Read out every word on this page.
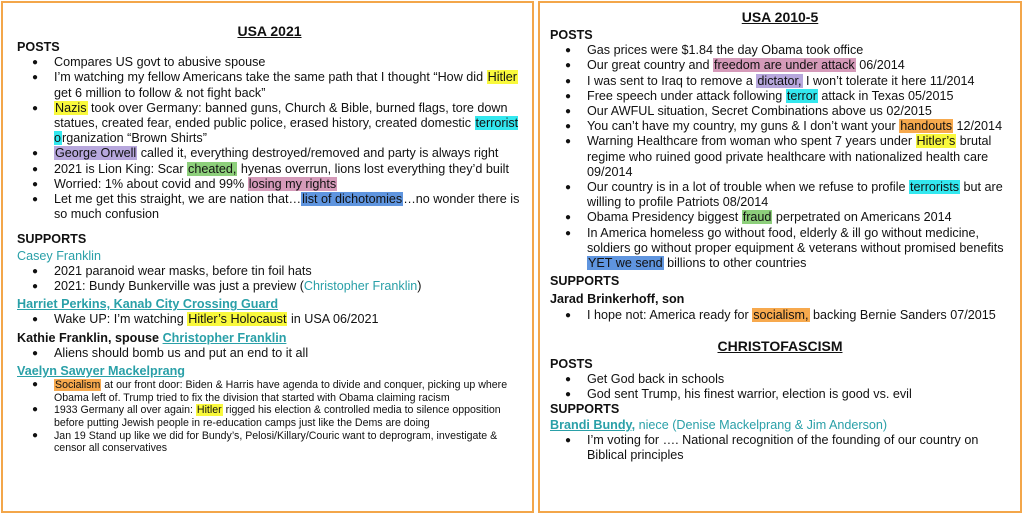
USA 2021
POSTS
● Compares US govt to abusive spouse
● I’m watching my fellow Americans take the same path that I thought “How did Hitler get 6 million to follow & not fight back”
● Nazis took over Germany: banned guns, Church & Bible, burned flags, tore down statues, created fear, ended public police, erased history, created domestic terrorist organization “Brown Shirts”
● George Orwell called it, everything destroyed/removed and party is always right
● 2021 is Lion King: Scar cheated, hyenas overrun, lions lost everything they’d built
● Worried: 1% about covid and 99% losing my rights
● Let me get this straight, we are nation that…list of dichotomies…no wonder there is so much confusion
SUPPORTS
Casey Franklin
● 2021 paranoid wear masks, before tin foil hats
● 2021: Bundy Bunkerville was just a preview (Christopher Franklin)
Harriet Perkins, Kanab City Crossing Guard
● Wake UP: I’m watching Hitler’s Holocaust in USA 06/2021
Kathie Franklin, spouse Christopher Franklin
● Aliens should bomb us and put an end to it all
Vaelyn Sawyer Mackelprang
● Socialism at our front door: Biden & Harris have agenda to divide and conquer, picking up where Obama left of. Trump tried to fix the division that started with Obama claiming racism
● 1933 Germany all over again: Hitler rigged his election & controlled media to silence opposition before putting Jewish people in re-education camps just like the Dems are doing
● Jan 19 Stand up like we did for Bundy’s, Pelosi/Killary/Couric want to deprogram, investigate & censor all conservatives
USA 2010-5
POSTS
● Gas prices were $1.84 the day Obama took office
● Our great country and freedom are under attack 06/2014
● I was sent to Iraq to remove a dictator, I won’t tolerate it here 11/2014
● Free speech under attack following terror attack in Texas 05/2015
● Our AWFUL situation, Secret Combinations above us 02/2015
● You can’t have my country, my guns & I don’t want your handouts 12/2014
● Warning Healthcare from woman who spent 7 years under Hitler’s brutal regime who ruined good private healthcare with nationalized health care 09/2014
● Our country is in a lot of trouble when we refuse to profile terrorists but are willing to profile Patriots 08/2014
● Obama Presidency biggest fraud perpetrated on Americans 2014
● In America homeless go without food, elderly & ill go without medicine, soldiers go without proper equipment & veterans without promised benefits YET we send billions to other countries
SUPPORTS
Jarad Brinkerhoff, son
● I hope not: America ready for socialism, backing Bernie Sanders 07/2015
CHRISTOFASCISM
POSTS
● Get God back in schools
● God sent Trump, his finest warrior, election is good vs. evil
SUPPORTS
Brandi Bundy, niece (Denise Mackelprang & Jim Anderson)
● I’m voting for …. National recognition of the founding of our country on Biblical principles
